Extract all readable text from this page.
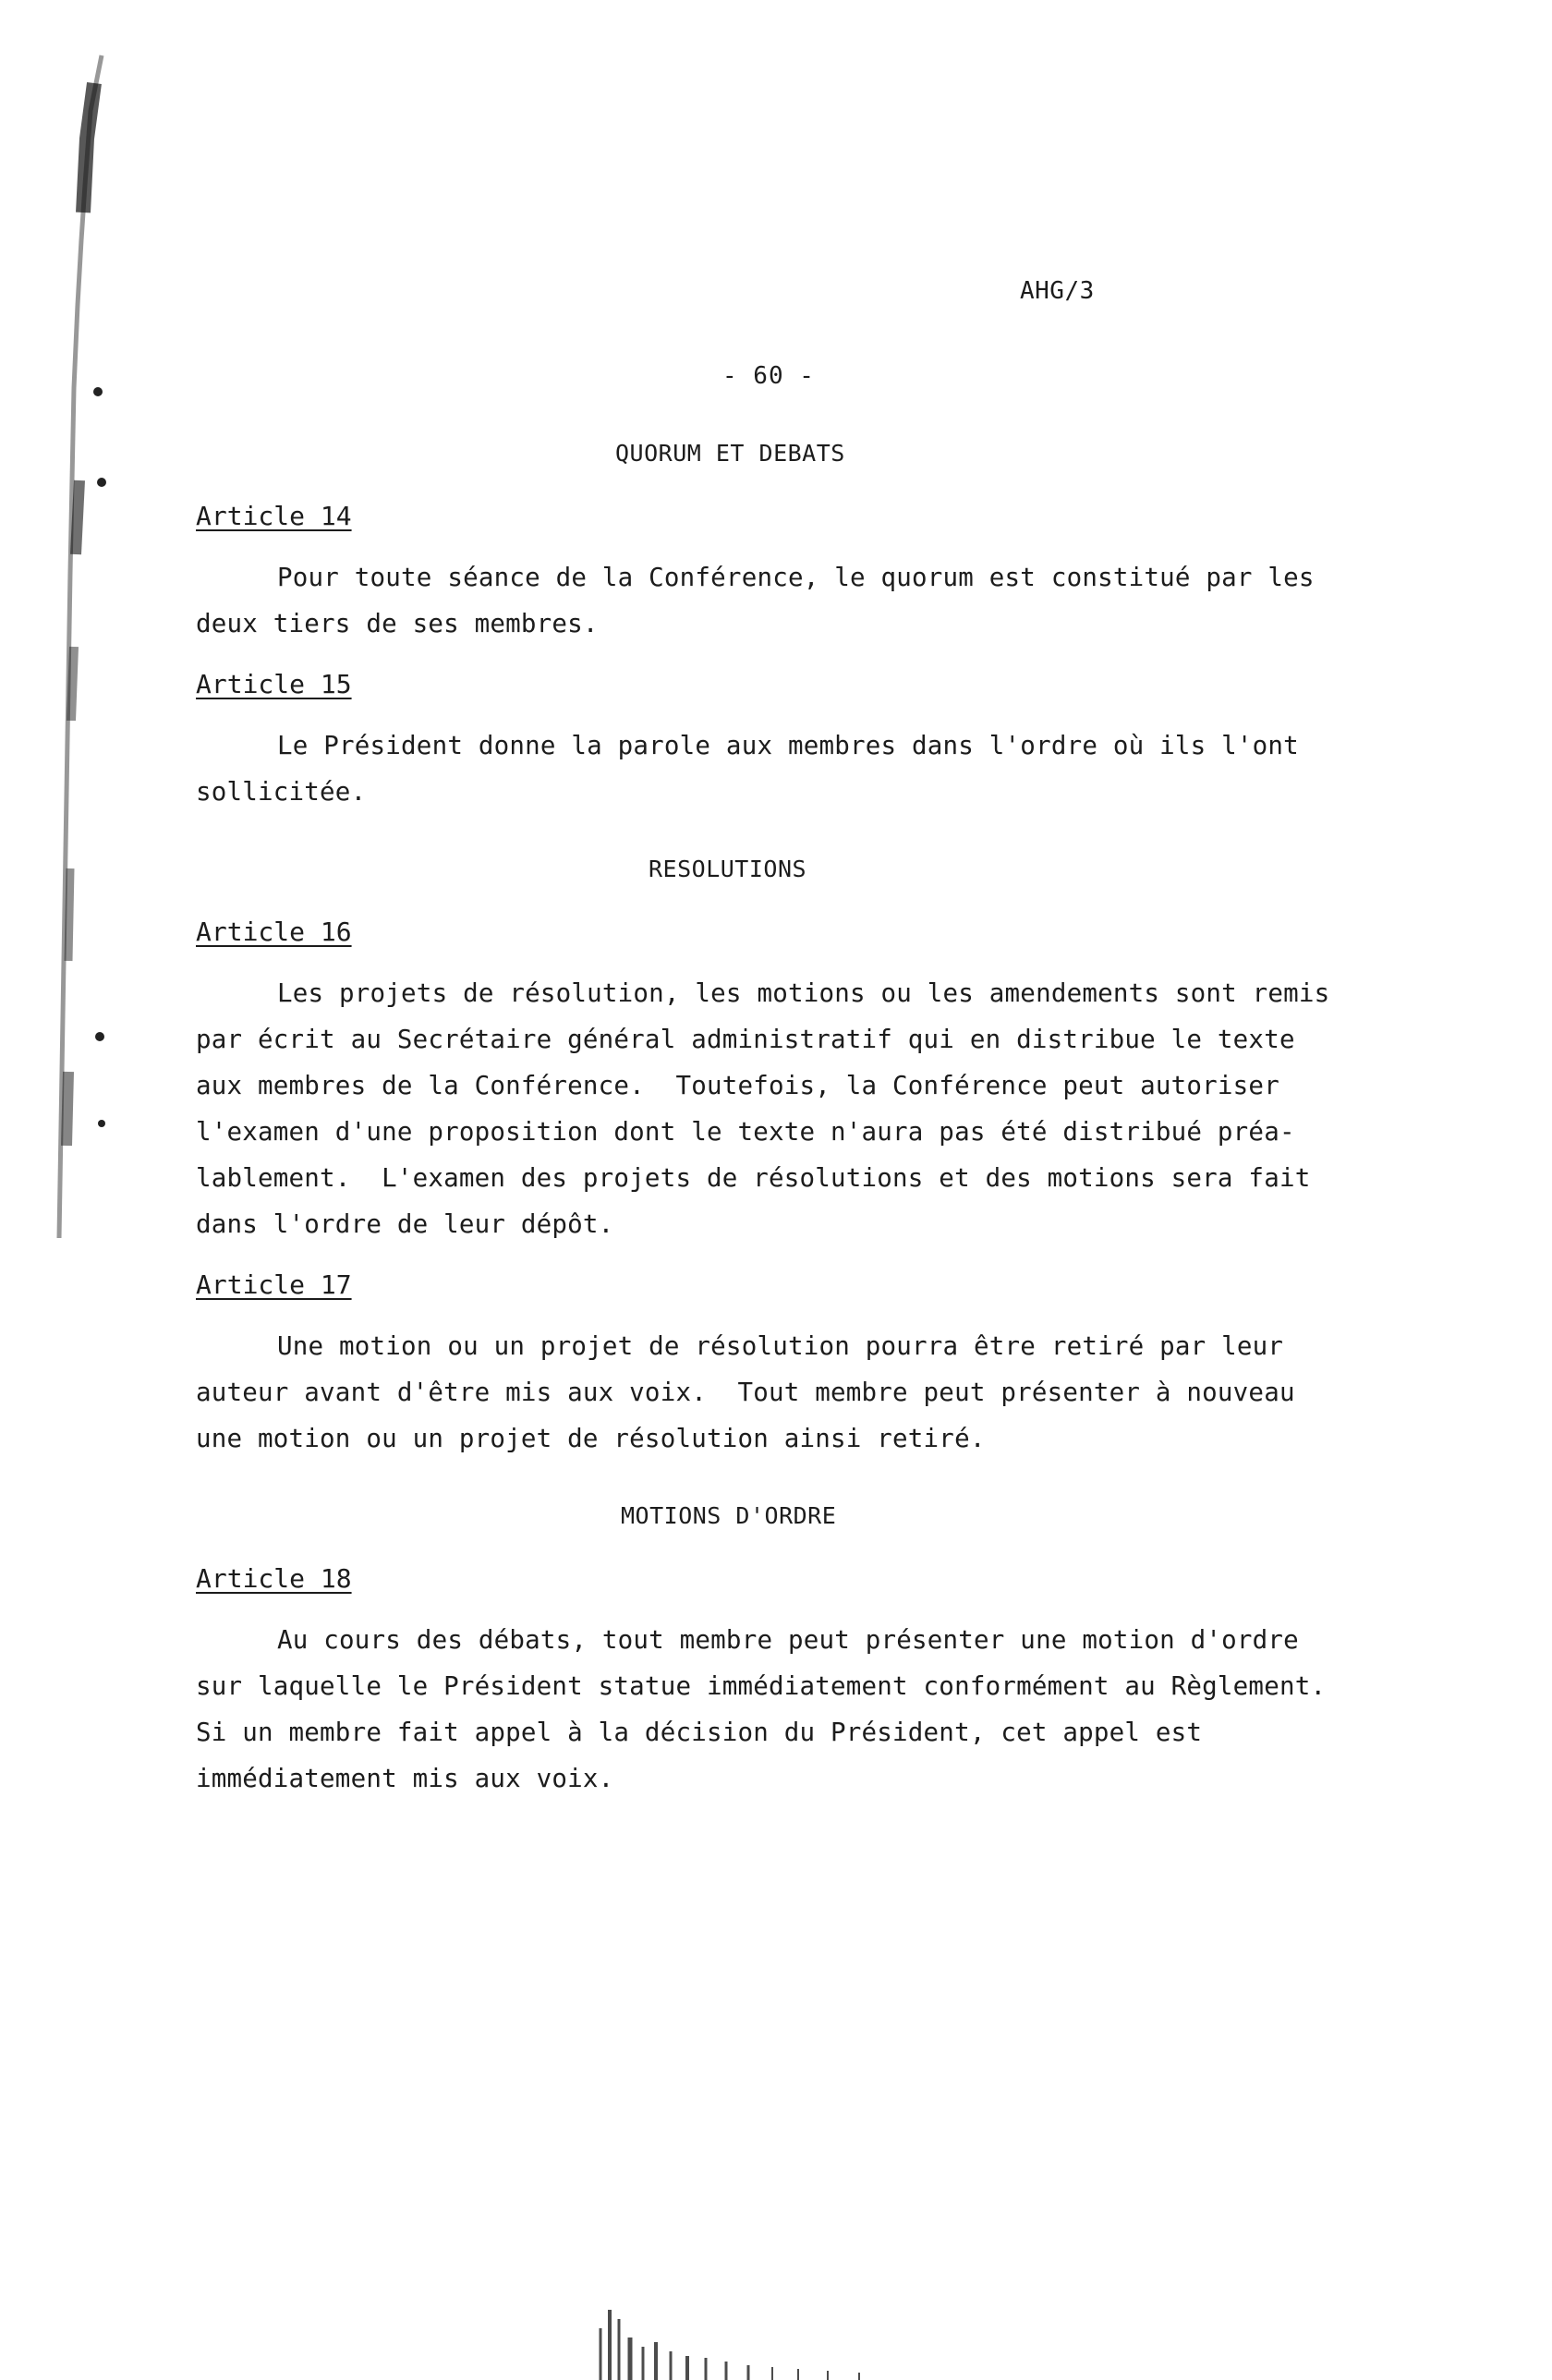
AHG/3
- 60 -
QUORUM ET DEBATS
Article 14

Pour toute séance de la Conférence, le quorum est constitué par les
deux tiers de ses membres.

Article 15

Le Président donne la parole aux membres dans l'ordre où ils l'ont
sollicitée.

RESOLUTIONS
Article 16

Les projets de résolution, les motions ou les amendements sont remis
par écrit au Secrétaire général administratif qui en distribue le texte
aux membres de la Conférence.  Toutefois, la Conférence peut autoriser
l'examen d'une proposition dont le texte n'aura pas été distribué préa-
lablement.  L'examen des projets de résolutions et des motions sera fait
dans l'ordre de leur dépôt.

Article 17

Une motion ou un projet de résolution pourra être retiré par leur
auteur avant d'être mis aux voix.  Tout membre peut présenter à nouveau
une motion ou un projet de résolution ainsi retiré.

MOTIONS D'ORDRE
Article 18

Au cours des débats, tout membre peut présenter une motion d'ordre
sur laquelle le Président statue immédiatement conformément au Règlement.
Si un membre fait appel à la décision du Président, cet appel est
immédiatement mis aux voix.
